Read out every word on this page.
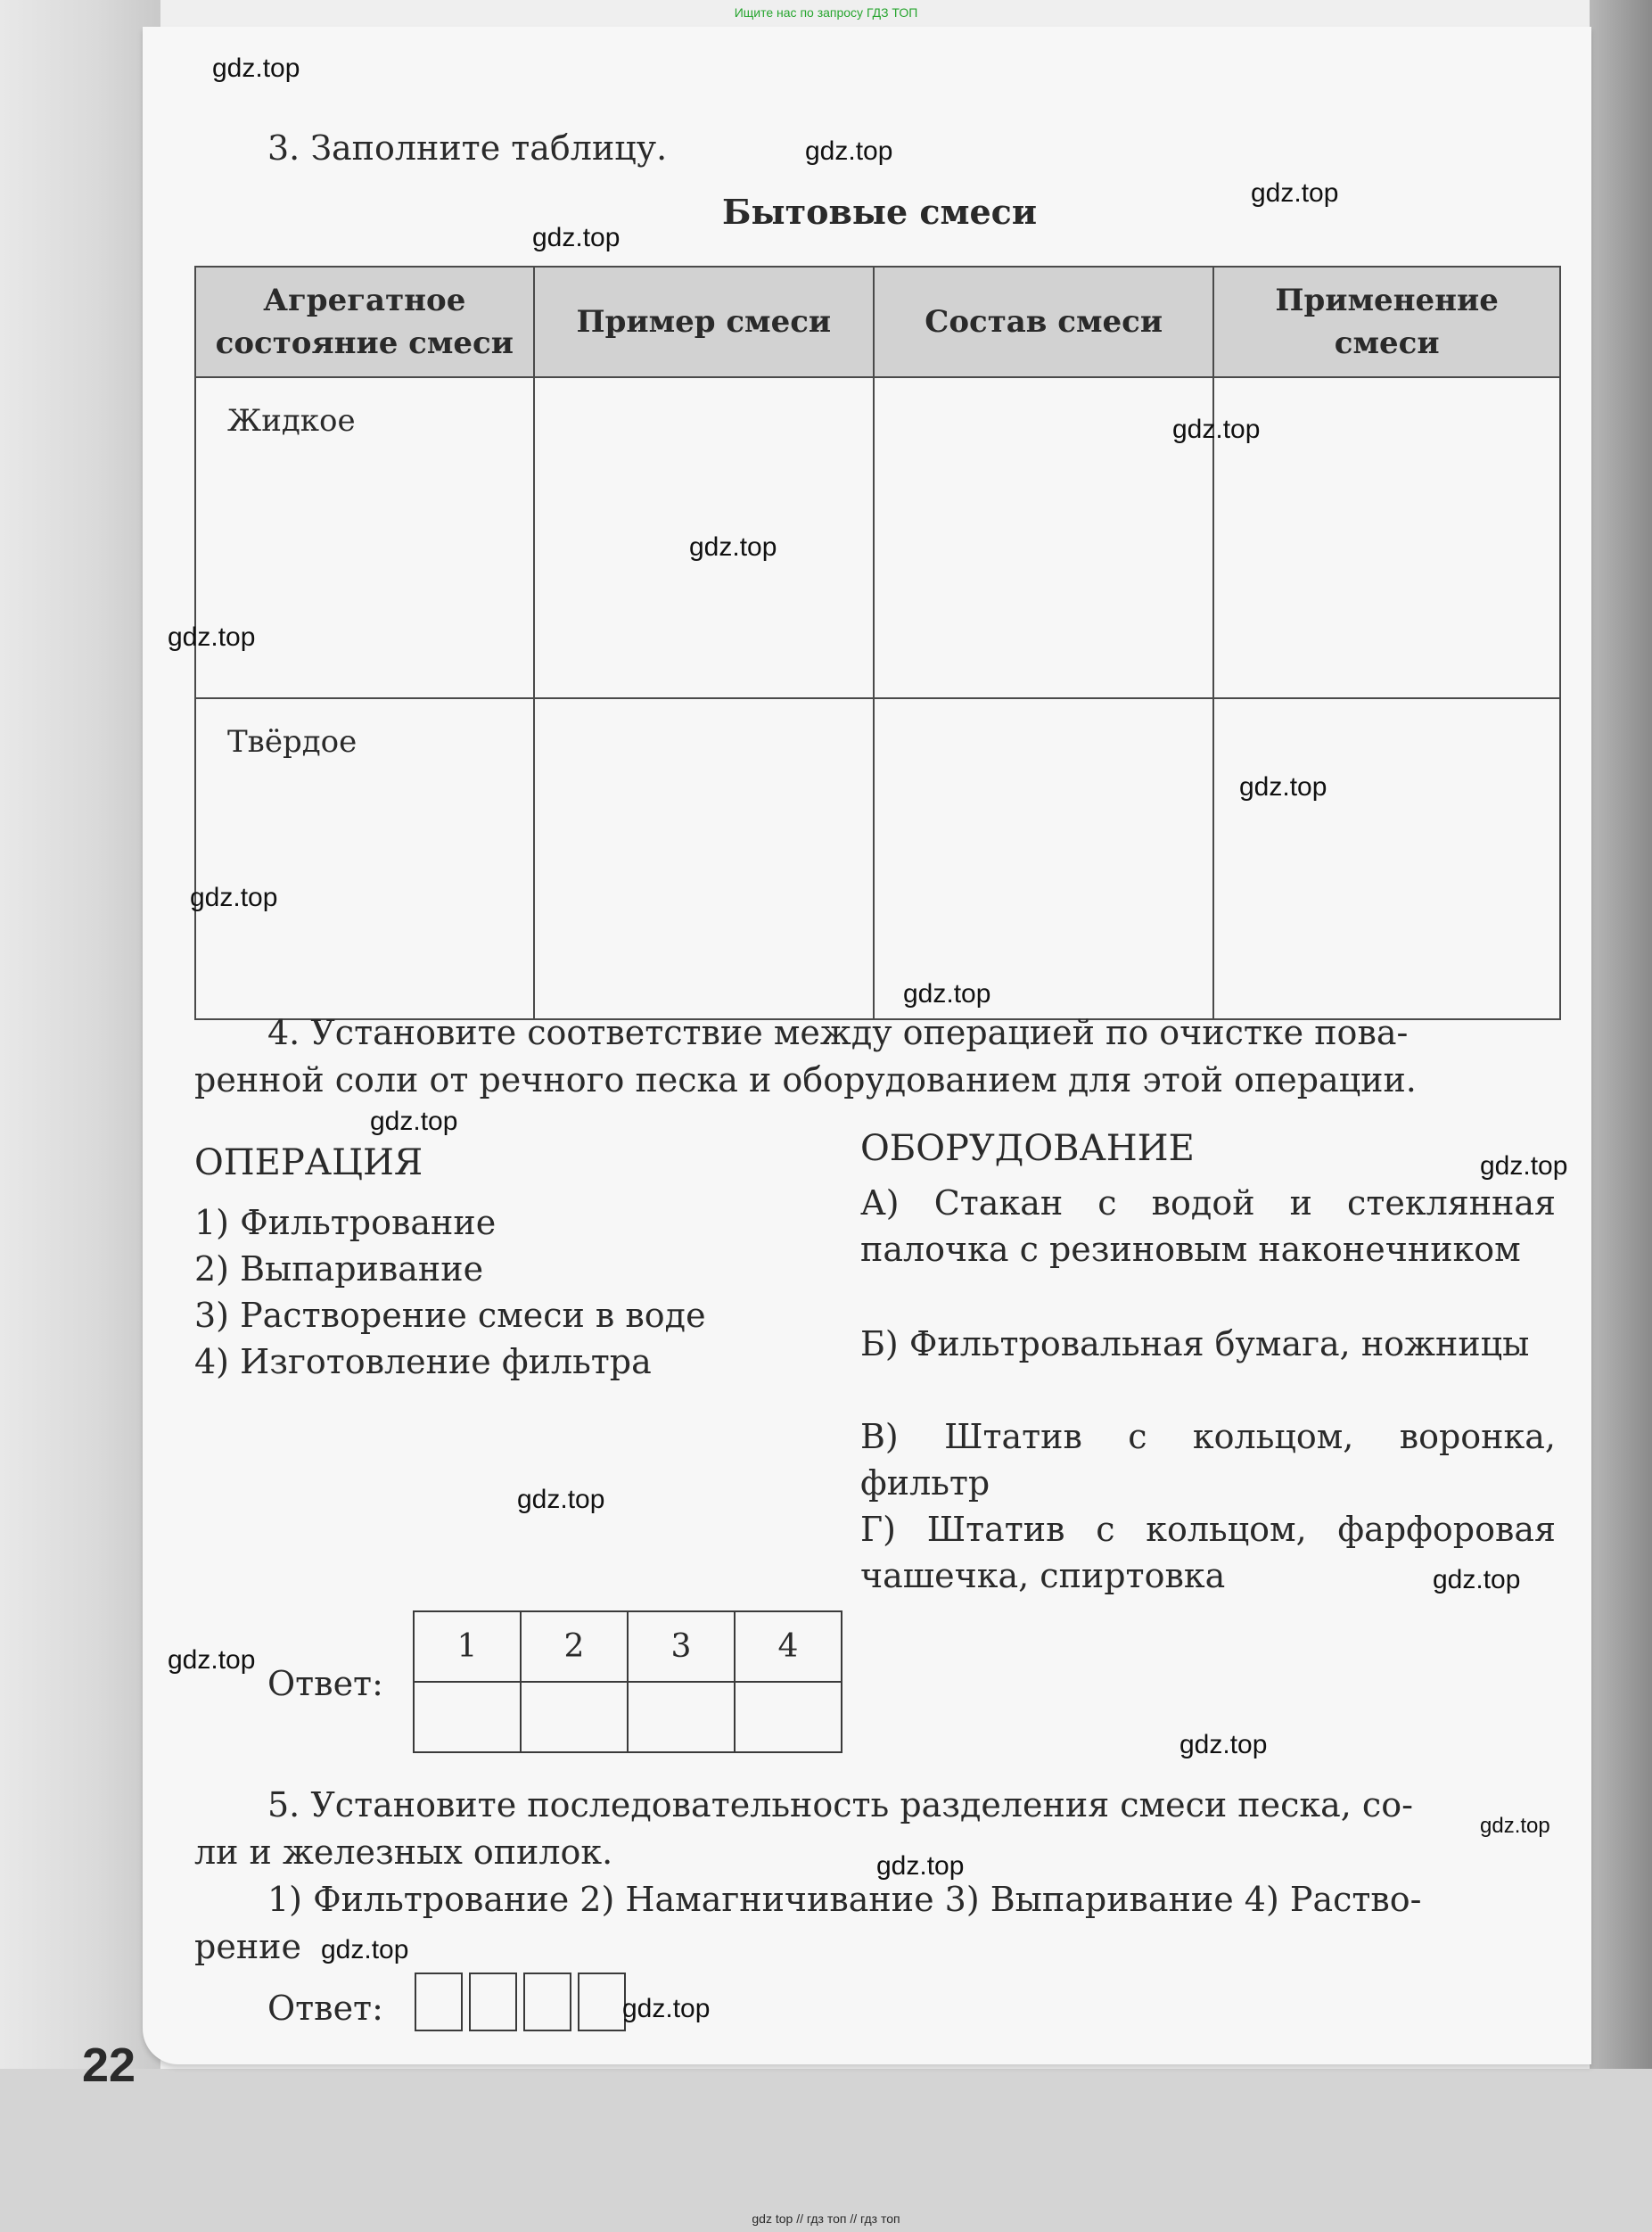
Ищите нас по запросу ГДЗ ТОП
22
3. Заполните таблицу.
Бытовые смеси
Агрегатное состояние смеси	Пример смеси	Состав смеси	Применение смеси
Жидкое			
Твёрдое			
4. Установите соответствие между операцией по очистке пова-
ренной соли от речного песка и оборудованием для этой операции.
ОПЕРАЦИЯ
1) Фильтрование
2) Выпаривание
3) Растворение смеси в воде
4) Изготовление фильтра
ОБОРУДОВАНИЕ
А) Стакан с водой и стеклянная палочка с резиновым наконечником
Б) Фильтровальная бумага, ножницы
В) Штатив с кольцом, воронка, фильтр
Г) Штатив с кольцом, фарфоровая чашечка, спиртовка
Ответ:
1	2	3	4

5. Установите последовательность разделения смеси песка, со-
ли и железных опилок.
1) Фильтрование 2) Намагничивание 3) Выпаривание 4) Раство-
рение
Ответ:
gdz.top
gdz.top
gdz.top
gdz.top
gdz.top
gdz.top
gdz.top
gdz.top
gdz.top
gdz.top
gdz.top
gdz.top
gdz.top
gdz.top
gdz.top
gdz.top
gdz.top
gdz.top
gdz.top
gdz.top
gdz top // гдз топ // гдз топ
